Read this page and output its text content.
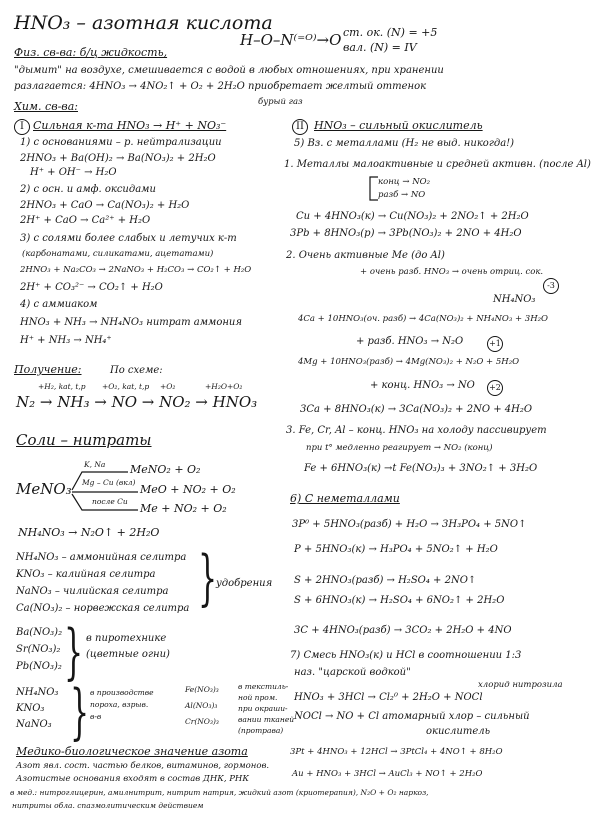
HNO₃ – азотная кислота
H–O–N⁽⁼ᴼ⁾→O ст. ок. (N) = +5
вал. (N) = IV
Физ. св-ва: б/ц жидкость,
"дымит" на воздухе, смешивается с водой в любых отношениях, при хранении
разлагается: 4HNO₃ → 4NO₂↑ + O₂ + 2H₂O приобретает желтый оттенок
бурый газ
Хим. св-ва:
I Сильная к-та HNO₃ → H⁺ + NO₃⁻
1) с основаниями – р. нейтрализации
2HNO₃ + Ba(OH)₂ → Ba(NO₃)₂ + 2H₂O
H⁺ + OH⁻ → H₂O
2) с осн. и амф. оксидами
2HNO₃ + CaO → Ca(NO₃)₂ + H₂O
2H⁺ + CaO → Ca²⁺ + H₂O
3) с солями более слабых и летучих к-т
(карбонатами, силикатами, ацетатами)
2HNO₃ + Na₂CO₃ → 2NaNO₃ + H₂CO₃ → CO₂↑ + H₂O
2H⁺ + CO₃²⁻ → CO₂↑ + H₂O
4) с аммиаком
HNO₃ + NH₃ → NH₄NO₃ нитрат аммония
H⁺ + NH₃ → NH₄⁺
Получение:	По схеме:
+H₂, kat, t,p +O₂, kat, t,p +O₂	+H₂O+O₂
N₂ → NH₃ → NO → NO₂ → HNO₃
Соли – нитраты
MeNO₃
K, Na MeNO₂ + O₂
Mg – Cu (вкл)
MeO + NO₂ + O₂
после Cu
Me + NO₂ + O₂
NH₄NO₃ → N₂O↑ + 2H₂O
NH₄NO₃ – аммонийная селитра
KNO₃ – калийная селитра
NaNO₃ – чилийская селитра
Ca(NO₃)₂ – норвежская селитра }
удобрения
Ba(NO₃)₂
Sr(NO₃)₂
Pb(NO₃)₂ } в пиротехнике
(цветные огни)
NH₄NO₃
KNO₃
NaNO₃ } в производстве
пороха, взрыв.
в-в
Fe(NO₃)₃
Al(NO₃)₃
Cr(NO₃)₃
в текстиль-
ной пром.
при окраши-
вании тканей
(протрава)
Медико-биологическое значение азота
Азот явл. сост. частью белков, витаминов, гормонов.
Азотистые основания входят в состав ДНК, РНК
в мед.: нитроглицерин, амилнитрит, нитрит натрия, жидкий азот (криотерапия), N₂O + O₂ наркоз,
нитриты обла. спазмолитическим действием
II HNO₃ – сильный окислитель
5) Вз. с металлами (H₂ не выд. никогда!)
1. Металлы малоактивные и средней активн. (после Al)
конц → NO₂
разб → NO
Cu + 4HNO₃(к) → Cu(NO₃)₂ + 2NO₂↑ + 2H₂O
3Pb + 8HNO₃(р) → 3Pb(NO₃)₂ + 2NO + 4H₂O
2. Очень активные Me (до Al)
+ очень разб. HNO₃ → очень отриц. сок.
-3
NH₄NO₃
4Ca + 10HNO₃(оч. разб) → 4Ca(NO₃)₂ + NH₄NO₃ + 3H₂O
+ разб. HNO₃ → N₂O	+1
4Mg + 10HNO₃(разб) → 4Mg(NO₃)₂ + N₂O + 5H₂O
+ конц. HNO₃ → NO +2
3Ca + 8HNO₃(к) → 3Ca(NO₃)₂ + 2NO + 4H₂O
3. Fe, Cr, Al – конц. HNO₃ на холоду пассивирует
при t° медленно реагирует → NO₂ (конц)
Fe + 6HNO₃(к) →t Fe(NO₃)₃ + 3NO₂↑ + 3H₂O
6) С неметаллами
3P⁰ + 5HNO₃(разб) + H₂O → 3H₃PO₄ + 5NO↑
P + 5HNO₃(к) → H₃PO₄ + 5NO₂↑ + H₂O
S + 2HNO₃(разб) → H₂SO₄ + 2NO↑
S + 6HNO₃(к) → H₂SO₄ + 6NO₂↑ + 2H₂O
3C + 4HNO₃(разб) → 3CO₂ + 2H₂O + 4NO
7) Смесь HNO₃(к) и HCl в соотношении 1:3
наз. "царской водкой"
хлорид нитрозила
HNO₃ + 3HCl → Cl₂⁰ + 2H₂O + NOCl
NOCl → NO + Cl атомарный хлор – сильный
окислитель
3Pt + 4HNO₃ + 12HCl → 3PtCl₄ + 4NO↑ + 8H₂O
Au + HNO₃ + 3HCl → AuCl₃ + NO↑ + 2H₂O
